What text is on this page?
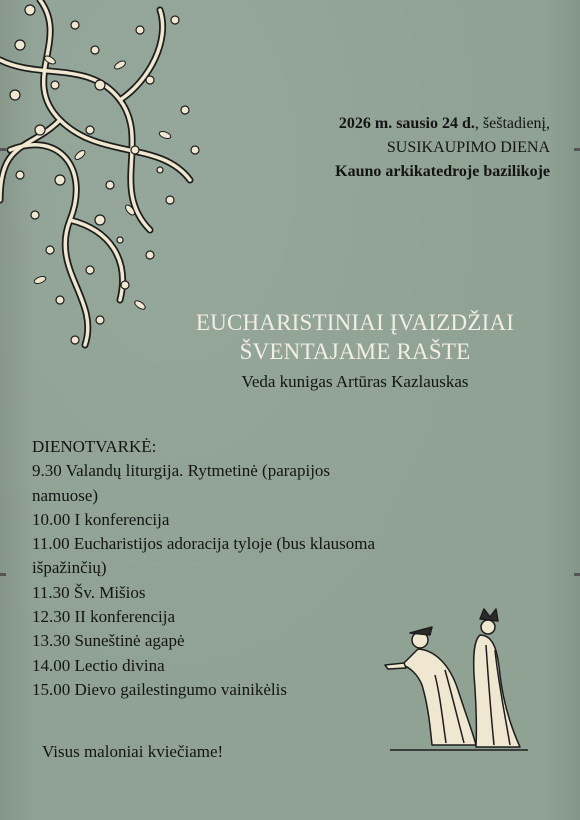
2026 m. sausio 24 d., šeštadienį,
SUSIKAUPIMO DIENA
Kauno arkikatedroje bazilikoje
EUCHARISTINIAI ĮVAIZDŽIAI
ŠVENTAJAME RAŠTE
Veda kunigas Artūras Kazlauskas
DIENOTVARKĖ:
9.30 Valandų liturgija. Rytmetinė (parapijos
namuose)
10.00 I konferencija
11.00 Eucharistijos adoracija tyloje (bus klausoma
išpažinčių)
11.30 Šv. Mišios
12.30 II konferencija
13.30 Suneštinė agapė
14.00 Lectio divina
15.00 Dievo gailestingumo vainikėlis
Visus maloniai kviečiame!
